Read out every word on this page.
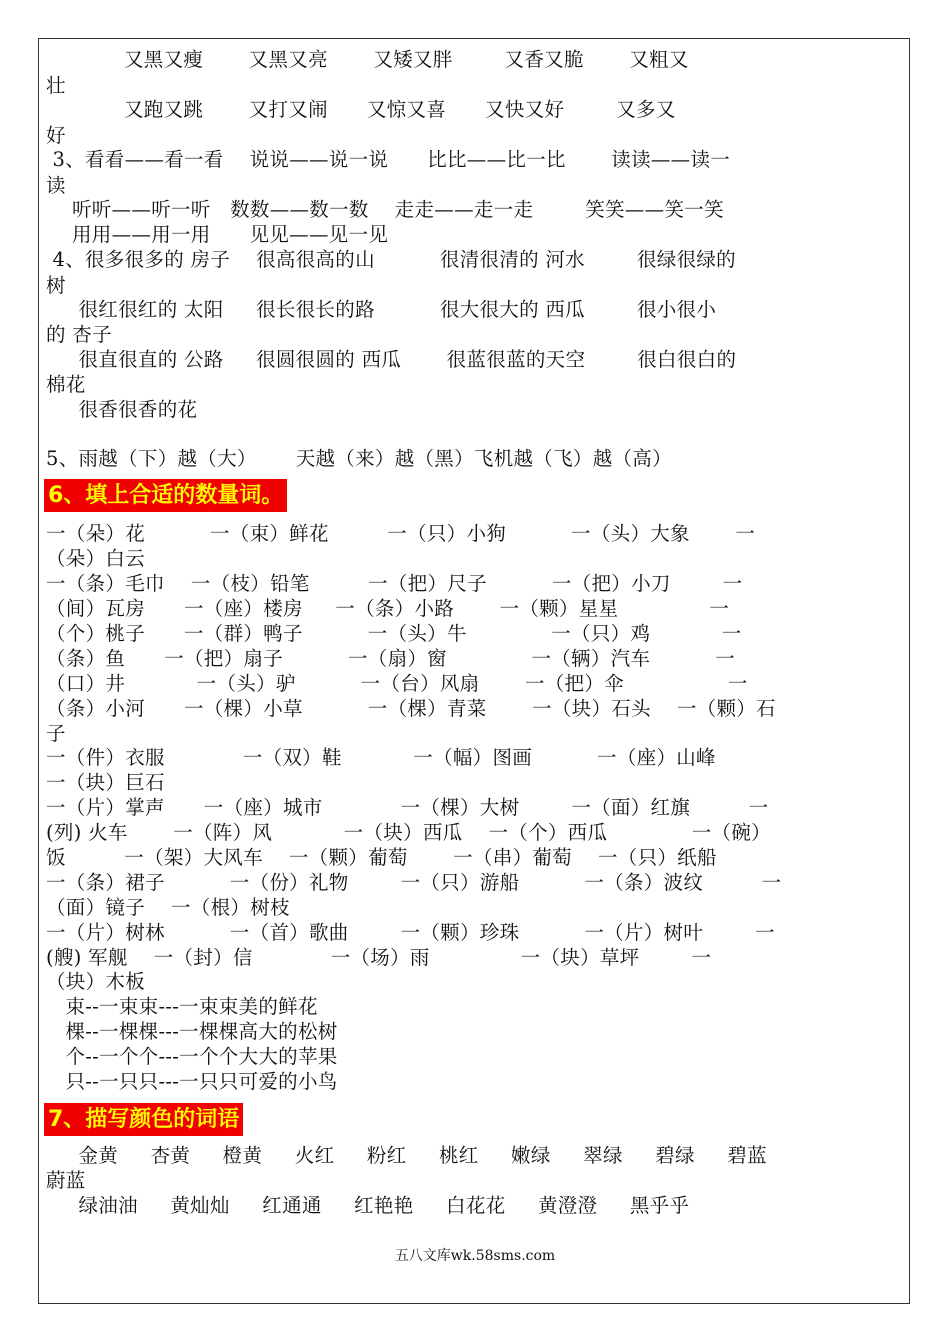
又黑又瘦       又黑又亮       又矮又胖        又香又脆       又粗又
壮
又跑又跳       又打又闹      又惊又喜      又快又好        又多又
好
3、看看——看一看    说说——说一说      比比——比一比       读读——读一
读
听听——听一听   数数——数一数    走走——走一走        笑笑——笑一笑
用用——用一用      见见——见一见
4、很多很多的 房子    很高很高的山          很清很清的 河水        很绿很绿的
树
很红很红的 太阳     很长很长的路          很大很大的 西瓜        很小很小
的 杏子
很直很直的 公路     很圆很圆的 西瓜       很蓝很蓝的天空        很白很白的
棉花
很香很香的花
5、雨越（下）越（大）      天越（来）越（黑）飞机越（飞）越（高）
6、填上合适的数量词。
一（朵）花          一（束）鲜花         一（只）小狗          一（头）大象       一
（朵）白云
一（条）毛巾    一（枝）铅笔         一（把）尺子          一（把）小刀        一
（间）瓦房      一（座）楼房     一（条）小路       一（颗）星星              一
（个）桃子      一（群）鸭子          一（头）牛             一（只）鸡           一
（条）鱼      一（把）扇子          一（扇）窗             一（辆）汽车          一
（口）井           一（头）驴          一（台）风扇       一（把）伞                一
（条）小河      一（棵）小草          一（棵）青菜       一（块）石头    一（颗）石
子
一（件）衣服            一（双）鞋           一（幅）图画          一（座）山峰
一（块）巨石
一（片）掌声      一（座）城市            一（棵）大树        一（面）红旗         一
(列) 火车       一（阵）风           一（块）西瓜    一（个）西瓜             一（碗）
饭         一（架）大风车    一（颗）葡萄       一（串）葡萄    一（只）纸船
一（条）裙子          一（份）礼物        一（只）游船          一（条）波纹         一
（面）镜子    一（根）树枝
一（片）树林          一（首）歌曲        一（颗）珍珠          一（片）树叶        一
(艘) 军舰    一（封）信            一（场）雨              一（块）草坪        一
（块）木板
束--一束束---一束束美的鲜花
棵--一棵棵---一棵棵高大的松树
个--一个个---一个个大大的苹果
只--一只只---一只只可爱的小鸟
7、描写颜色的词语
金黄     杏黄     橙黄     火红     粉红     桃红     嫩绿     翠绿     碧绿     碧蓝
蔚蓝
绿油油     黄灿灿     红通通     红艳艳     白花花     黄澄澄     黑乎乎
五八文库wk.58sms.com
